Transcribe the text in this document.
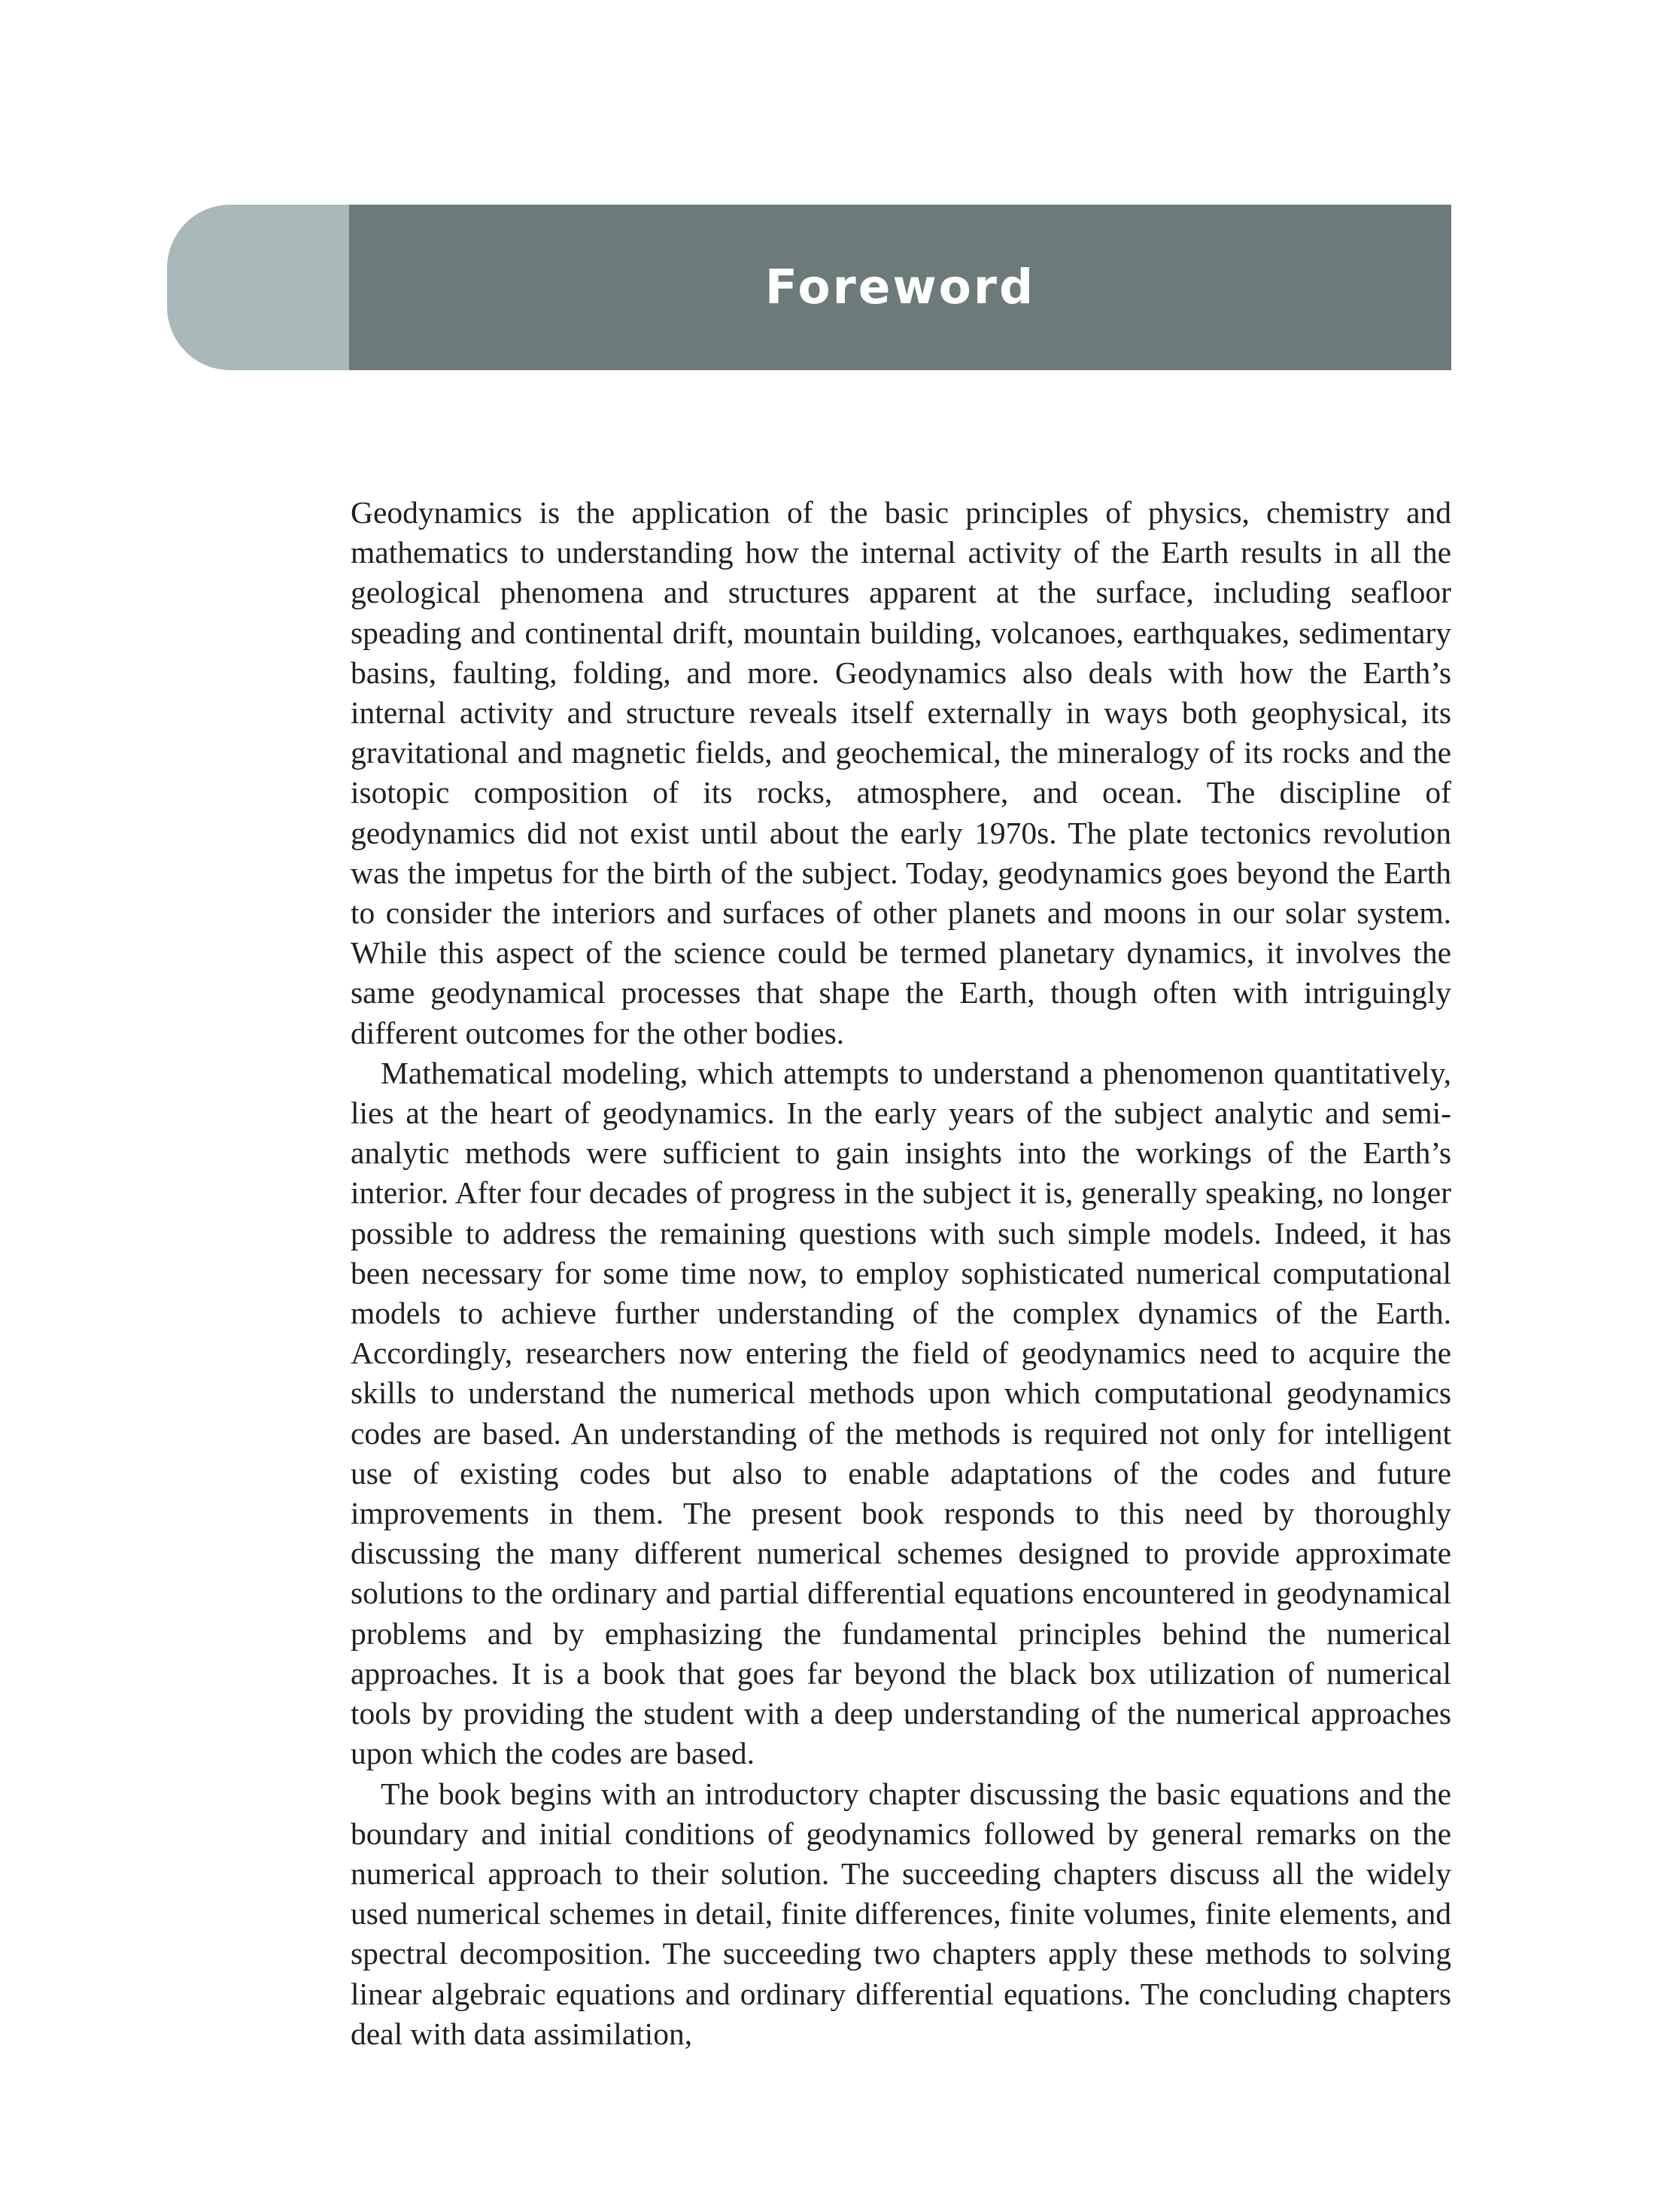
Foreword

Geodynamics is the application of the basic principles of physics, chemistry and mathematics to understanding how the internal activity of the Earth results in all the geological phenomena and structures apparent at the surface, including seafloor speading and continental drift, mountain building, volcanoes, earthquakes, sedimentary basins, faulting, folding, and more. Geodynamics also deals with how the Earth’s internal activity and structure reveals itself externally in ways both geophysical, its gravitational and magnetic fields, and geochemical, the mineralogy of its rocks and the isotopic composition of its rocks, atmosphere, and ocean. The discipline of geodynamics did not exist until about the early 1970s. The plate tectonics revolution was the impetus for the birth of the subject. Today, geodynamics goes beyond the Earth to consider the interiors and surfaces of other planets and moons in our solar system. While this aspect of the science could be termed planetary dynamics, it involves the same geodynamical processes that shape the Earth, though often with intriguingly different outcomes for the other bodies.

Mathematical modeling, which attempts to understand a phenomenon quantitatively, lies at the heart of geodynamics. In the early years of the subject analytic and semi-analytic methods were sufficient to gain insights into the workings of the Earth’s interior. After four decades of progress in the subject it is, generally speaking, no longer possible to address the remaining questions with such simple models. Indeed, it has been necessary for some time now, to employ sophisticated numerical computational models to achieve further understanding of the complex dynamics of the Earth. Accordingly, researchers now entering the field of geodynamics need to acquire the skills to understand the numerical methods upon which computational geodynamics codes are based. An understanding of the methods is required not only for intelligent use of existing codes but also to enable adaptations of the codes and future improvements in them. The present book responds to this need by thoroughly discussing the many different numerical schemes designed to provide approximate solutions to the ordinary and partial differential equations encountered in geodynamical problems and by emphasizing the fundamental principles behind the numerical approaches. It is a book that goes far beyond the black box utilization of numerical tools by providing the student with a deep understanding of the numerical approaches upon which the codes are based.

The book begins with an introductory chapter discussing the basic equations and the boundary and initial conditions of geodynamics followed by general remarks on the numerical approach to their solution. The succeeding chapters discuss all the widely used numerical schemes in detail, finite differences, finite volumes, finite elements, and spectral decomposition. The succeeding two chapters apply these methods to solving linear algebraic equations and ordinary differential equations. The concluding chapters deal with data assimilation,
